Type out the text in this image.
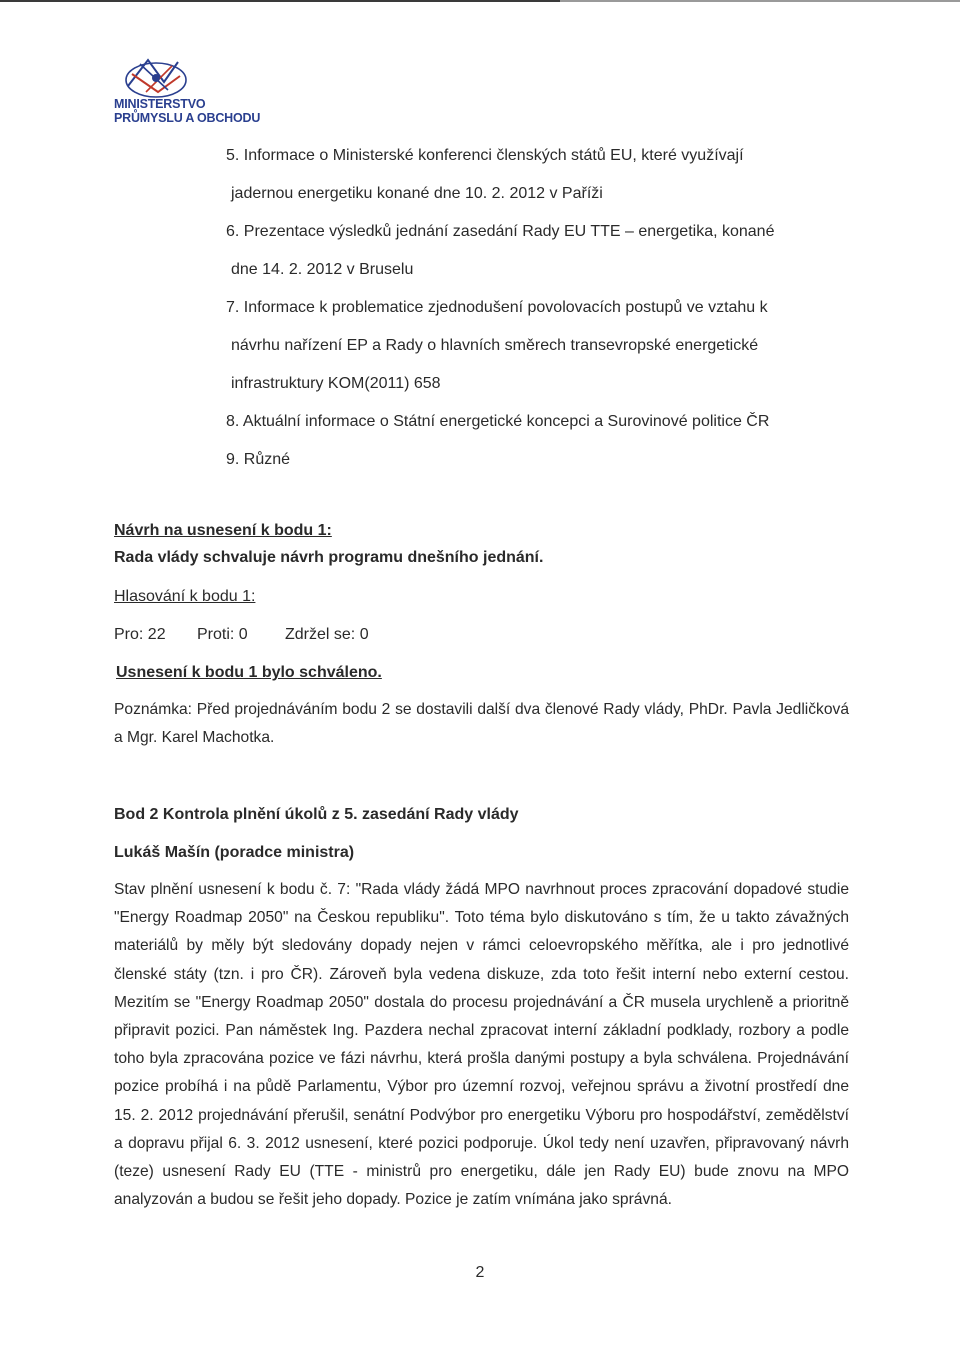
MINISTERSTVO
PRŮMYSLU A OBCHODU
5. Informace o Ministerské konferenci členských států EU, které využívají
jadernou energetiku konané dne 10. 2. 2012 v Paříži
6. Prezentace výsledků jednání zasedání Rady EU TTE – energetika, konané
dne 14. 2. 2012 v Bruselu
7. Informace k problematice zjednodušení povolovacích postupů ve vztahu k
návrhu nařízení EP a Rady o hlavních směrech transevropské energetické
infrastruktury KOM(2011) 658
8. Aktuální informace o Státní energetické koncepci a Surovinové politice ČR
9. Různé
Návrh na usnesení k bodu 1:
Rada vlády schvaluje návrh programu dnešního jednání.
Hlasování k bodu 1:
Pro: 22 Proti: 0 Zdržel se: 0
Usnesení k bodu 1 bylo schváleno.
Poznámka: Před projednáváním bodu 2 se dostavili další dva členové Rady vlády, PhDr. Pavla Jedličková a Mgr. Karel Machotka.
Bod 2 Kontrola plnění úkolů z 5. zasedání Rady vlády
Lukáš Mašín (poradce ministra)
Stav plnění usnesení k bodu č. 7: "Rada vlády žádá MPO navrhnout proces zpracování dopadové studie "Energy Roadmap 2050" na Českou republiku". Toto téma bylo diskutováno s tím, že u takto závažných materiálů by měly být sledovány dopady nejen v rámci celoevropského měřítka, ale i pro jednotlivé členské státy (tzn. i pro ČR). Zároveň byla vedena diskuze, zda toto řešit interní nebo externí cestou. Mezitím se "Energy Roadmap 2050" dostala do procesu projednávání a ČR musela urychleně a prioritně připravit pozici. Pan náměstek Ing. Pazdera nechal zpracovat interní základní podklady, rozbory a podle toho byla zpracována pozice ve fázi návrhu, která prošla danými postupy a byla schválena. Projednávání pozice probíhá i na půdě Parlamentu, Výbor pro územní rozvoj, veřejnou správu a životní prostředí dne 15. 2. 2012 projednávání přerušil, senátní Podvýbor pro energetiku Výboru pro hospodářství, zemědělství a dopravu přijal 6. 3. 2012 usnesení, které pozici podporuje. Úkol tedy není uzavřen, připravovaný návrh (teze) usnesení Rady EU (TTE - ministrů pro energetiku, dále jen Rady EU) bude znovu na MPO analyzován a budou se řešit jeho dopady. Pozice je zatím vnímána jako správná.
2
